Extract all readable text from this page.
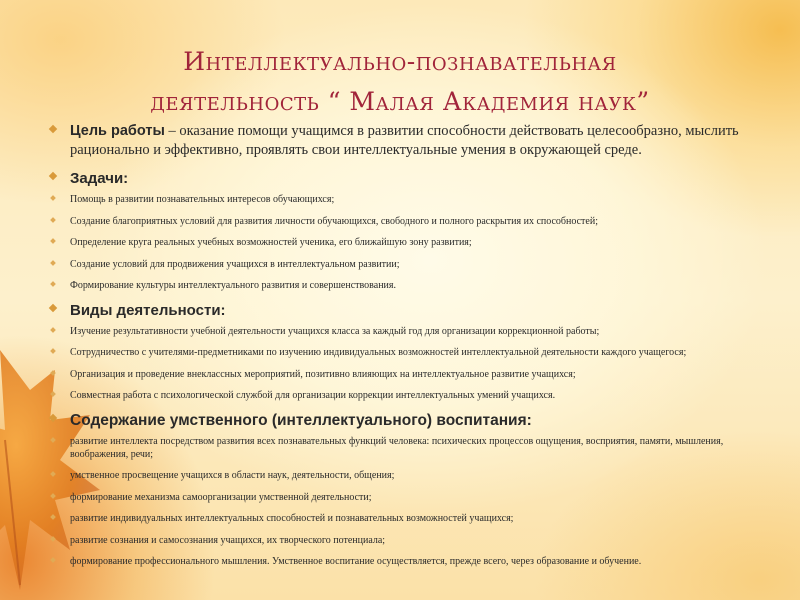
Интеллектуально-познавательная
деятельность “ Малая Академия наук”
Цель работы – оказание помощи учащимся в развитии способности действовать целесообразно, мыслить рационально и эффективно, проявлять свои интеллектуальные умения в окружающей среде.
Задачи:
Помощь в развитии познавательных интересов обучающихся;
Создание благоприятных условий для развития личности обучающихся, свободного и полного раскрытия их способностей;
Определение круга реальных учебных возможностей ученика, его ближайшую зону развития;
Создание условий для продвижения учащихся в интеллектуальном развитии;
Формирование культуры интеллектуального развития и совершенствования.
Виды деятельности:
Изучение результативности учебной деятельности учащихся класса за каждый год для организации коррекционной работы;
Сотрудничество с учителями-предметниками по изучению индивидуальных возможностей интеллектуальной деятельности каждого учащегося;
Организация и проведение внеклассных мероприятий, позитивно влияющих на интеллектуальное развитие учащихся;
Совместная работа с психологической службой для организации коррекции интеллектуальных умений учащихся.
Содержание умственного (интеллектуального) воспитания:
развитие интеллекта посредством развития всех познавательных функций человека: психических процессов ощущения, восприятия, памяти, мышления, воображения, речи;
умственное просвещение учащихся в области наук, деятельности, общения;
формирование механизма самоорганизации умственной деятельности;
развитие индивидуальных интеллектуальных способностей и познавательных возможностей учащихся;
развитие сознания и самосознания учащихся, их творческого потенциала;
формирование профессионального мышления. Умственное воспитание осуществляется, прежде всего, через образование и обучение.
